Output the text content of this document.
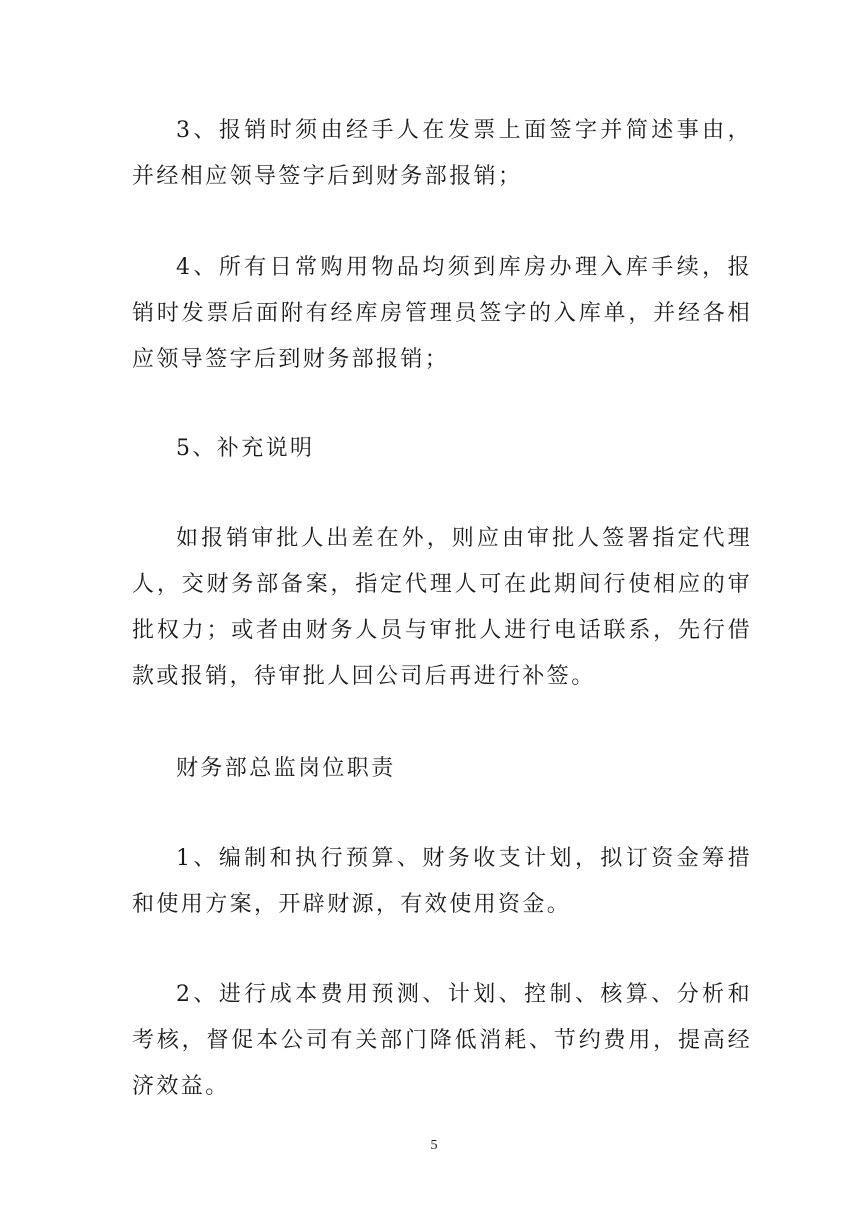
3、报销时须由经手人在发票上面签字并简述事由，并经相应领导签字后到财务部报销；

4、所有日常购用物品均须到库房办理入库手续，报销时发票后面附有经库房管理员签字的入库单，并经各相应领导签字后到财务部报销；

5、补充说明

如报销审批人出差在外，则应由审批人签署指定代理人，交财务部备案，指定代理人可在此期间行使相应的审批权力；或者由财务人员与审批人进行电话联系，先行借款或报销，待审批人回公司后再进行补签。

财务部总监岗位职责

1、编制和执行预算、财务收支计划，拟订资金筹措和使用方案，开辟财源，有效使用资金。

2、进行成本费用预测、计划、控制、核算、分析和考核，督促本公司有关部门降低消耗、节约费用，提高经济效益。

5
